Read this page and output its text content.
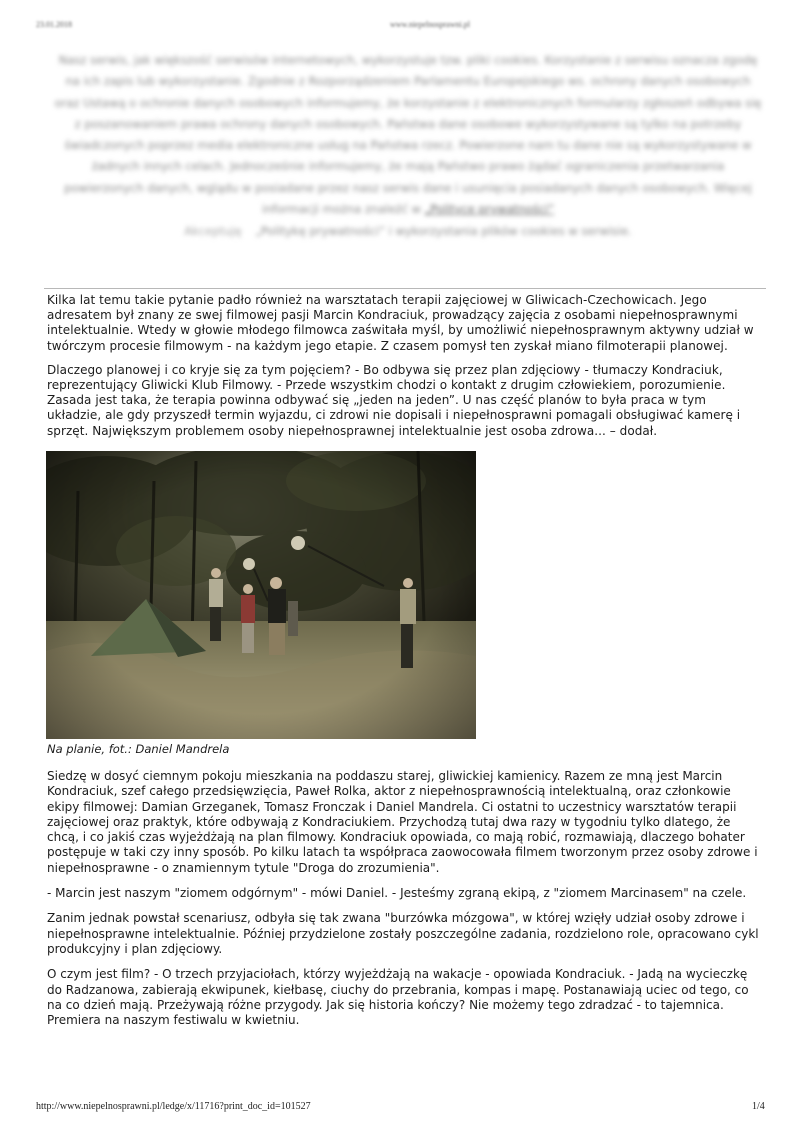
23.01.2018	www.niepelnosprawni.pl
Nasz serwis, jak większość serwisów internetowych, wykorzystuje tzw. pliki cookies. Korzystanie z serwisu oznacza zgodę na ich zapis lub wykorzystanie. Zgodnie z Rozporządzeniem Parlamentu Europejskiego ws. ochrony danych osobowych oraz Ustawą o ochronie danych osobowych informujemy, że korzystanie z elektronicznych formularzy zgłoszeń odbywa się z poszanowaniem prawa ochrony danych osobowych. Państwa dane osobowe wykorzystywane są tylko na potrzeby świadczonych poprzez media elektroniczne usług na Państwa rzecz. Powierzone nam tu dane nie są wykorzystywane w żadnych innych celach. Jednocześnie informujemy, że mają Państwo prawo żądać ograniczenia przetwarzania powierzonych danych, wglądu w posiadane przez nasz serwis dane i usunięcia posiadanych danych osobowych. Więcej informacji można znaleźć w „Polityce prywatności”
Akceptuję „Politykę prywatności” i wykorzystania plików cookies w serwisie.

Kilka lat temu takie pytanie padło również na warsztatach terapii zajęciowej w Gliwicach-Czechowicach. Jego adresatem był znany ze swej filmowej pasji Marcin Kondraciuk, prowadzący zajęcia z osobami niepełnosprawnymi intelektualnie. Wtedy w głowie młodego filmowca zaświtała myśl, by umożliwić niepełnosprawnym aktywny udział w twórczym procesie filmowym - na każdym jego etapie. Z czasem pomysł ten zyskał miano filmoterapii planowej.

Dlaczego planowej i co kryje się za tym pojęciem? - Bo odbywa się przez plan zdjęciowy - tłumaczy Kondraciuk, reprezentujący Gliwicki Klub Filmowy. - Przede wszystkim chodzi o kontakt z drugim człowiekiem, porozumienie. Zasada jest taka, że terapia powinna odbywać się „jeden na jeden”. U nas część planów to była praca w tym układzie, ale gdy przyszedł termin wyjazdu, ci zdrowi nie dopisali i niepełnosprawni pomagali obsługiwać kamerę i sprzęt. Największym problemem osoby niepełnosprawnej intelektualnie jest osoba zdrowa... – dodał.

Na planie, fot.: Daniel Mandrela

Siedzę w dosyć ciemnym pokoju mieszkania na poddaszu starej, gliwickiej kamienicy. Razem ze mną jest Marcin Kondraciuk, szef całego przedsięwzięcia, Paweł Rolka, aktor z niepełnosprawnością intelektualną, oraz członkowie ekipy filmowej: Damian Grzeganek, Tomasz Fronczak i Daniel Mandrela. Ci ostatni to uczestnicy warsztatów terapii zajęciowej oraz praktyk, które odbywają z Kondraciukiem. Przychodzą tutaj dwa razy w tygodniu tylko dlatego, że chcą, i co jakiś czas wyjeżdżają na plan filmowy. Kondraciuk opowiada, co mają robić, rozmawiają, dlaczego bohater postępuje w taki czy inny sposób. Po kilku latach ta współpraca zaowocowała filmem tworzonym przez osoby zdrowe i niepełnosprawne - o znamiennym tytule "Droga do zrozumienia".

- Marcin jest naszym "ziomem odgórnym" - mówi Daniel. - Jesteśmy zgraną ekipą, z "ziomem Marcinasem" na czele.

Zanim jednak powstał scenariusz, odbyła się tak zwana "burzówka mózgowa", w której wzięły udział osoby zdrowe i niepełnosprawne intelektualnie. Później przydzielone zostały poszczególne zadania, rozdzielono role, opracowano cykl produkcyjny i plan zdjęciowy.

O czym jest film? - O trzech przyjaciołach, którzy wyjeżdżają na wakacje - opowiada Kondraciuk. - Jadą na wycieczkę do Radzanowa, zabierają ekwipunek, kiełbasę, ciuchy do przebrania, kompas i mapę. Postanawiają uciec od tego, co na co dzień mają. Przeżywają różne przygody. Jak się historia kończy? Nie możemy tego zdradzać - to tajemnica. Premiera na naszym festiwalu w kwietniu.

http://www.niepelnosprawni.pl/ledge/x/11716?print_doc_id=101527	1/4
